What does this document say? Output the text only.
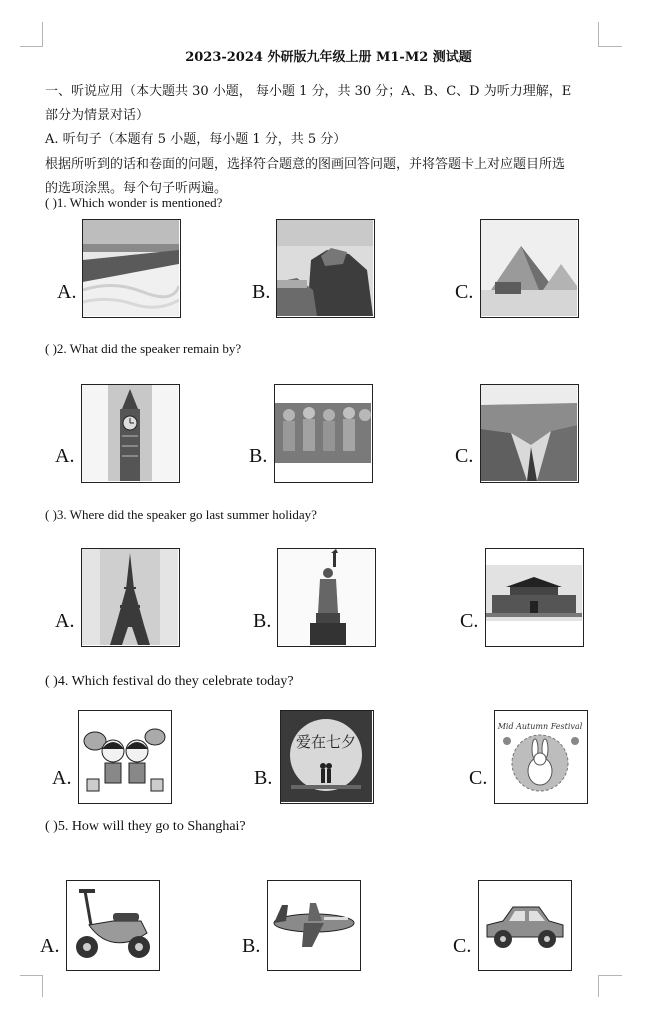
2023-2024 外研版九年级上册 M1-M2 测试题
一、听说应用（本大题共 30 小题， 每小题 1 分，共 30 分；A、B、C、D 为听力理解，E
部分为情景对话）
A. 听句子（本题有 5 小题，每小题 1 分，共 5 分）
根据所听到的话和卷面的问题，选择符合题意的图画回答问题，并将答题卡上对应题目所选
的选项涂黑。每个句子听两遍。
( )1. Which wonder is mentioned?
A.	B.	C.
( )2. What did the speaker remain by?
A.	B.	C.
( )3. Where did the speaker go last summer holiday?
A.	B.	C.
( )4. Which festival do they celebrate today?
A.	B.
爱在七夕
C.
Mid Autumn Festival
( )5. How will they go to Shanghai?
A.	B.	C.
